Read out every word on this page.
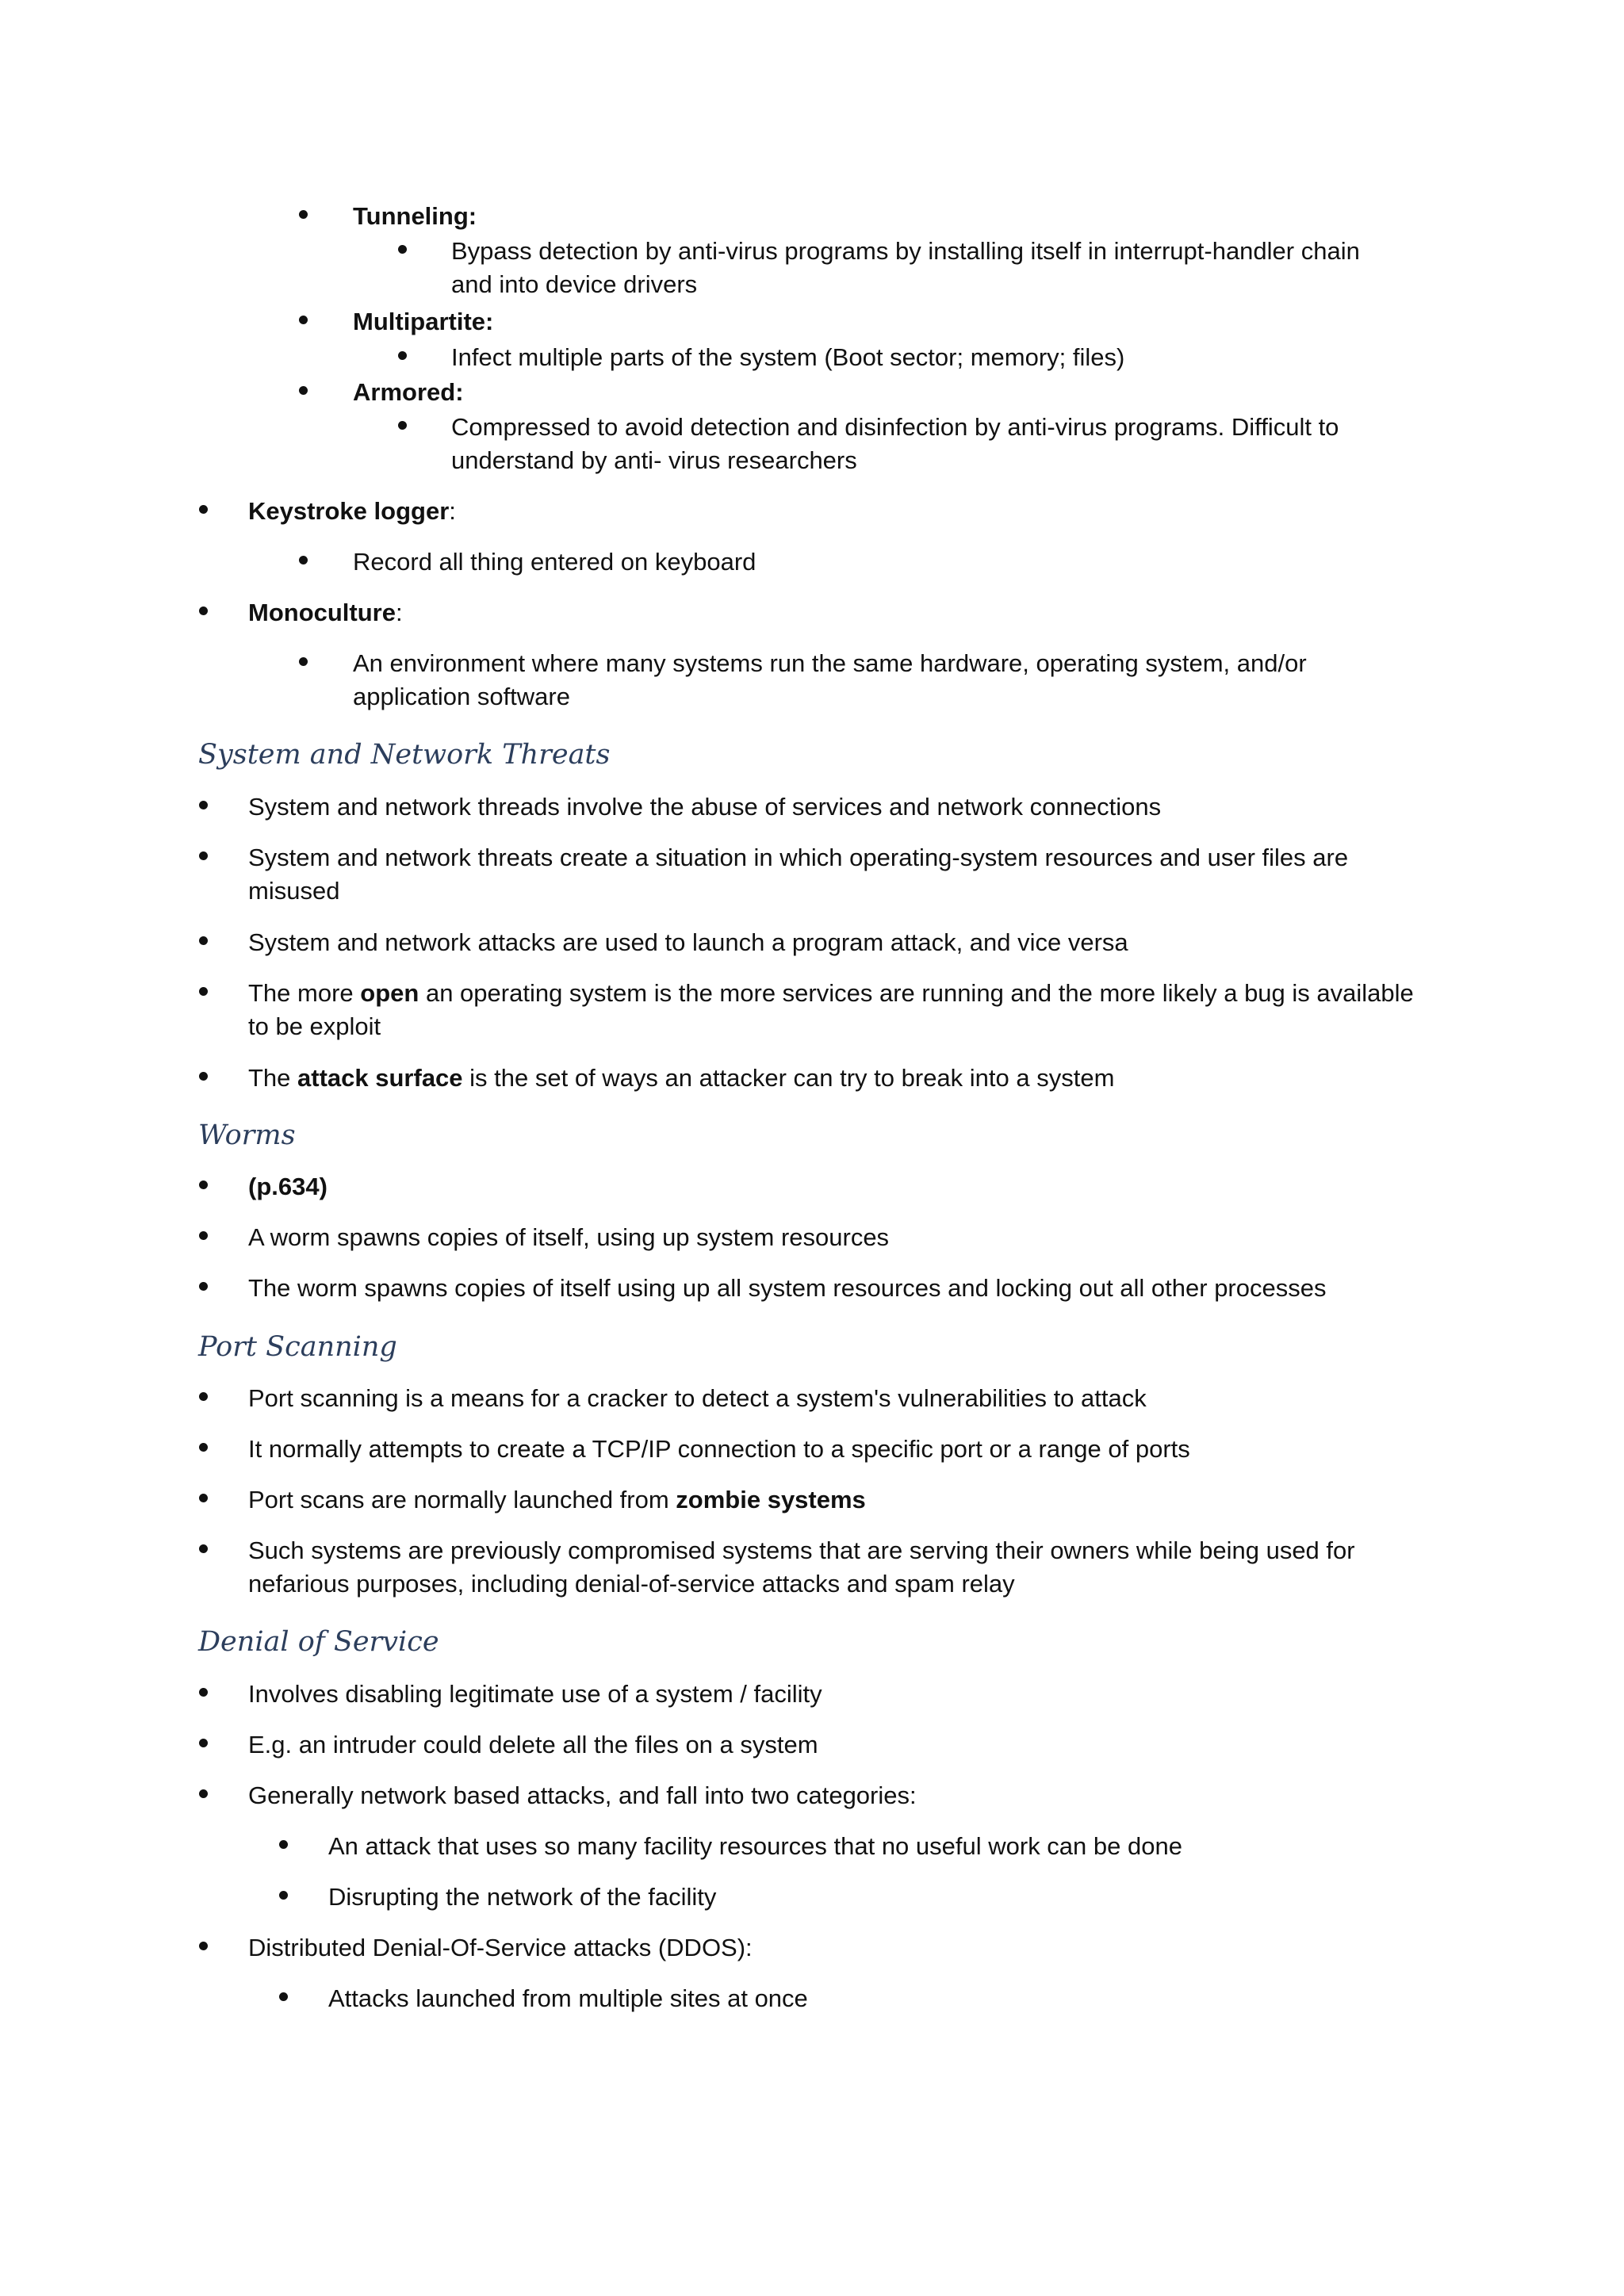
Tunneling:
Bypass detection by anti-virus programs by installing itself in interrupt-handler chain
and into device drivers
Multipartite:
Infect multiple parts of the system (Boot sector; memory; files)
Armored:
Compressed to avoid detection and disinfection by anti-virus programs. Difficult to
understand by anti- virus researchers
Keystroke logger:
Record all thing entered on keyboard
Monoculture:
An environment where many systems run the same hardware, operating system, and/or
application software
System and Network Threats
System and network threads involve the abuse of services and network connections
System and network threats create a situation in which operating-system resources and user files are
misused
System and network attacks are used to launch a program attack, and vice versa
The more open an operating system is the more services are running and the more likely a bug is available
to be exploit
The attack surface is the set of ways an attacker can try to break into a system
Worms
(p.634)
A worm spawns copies of itself, using up system resources
The worm spawns copies of itself using up all system resources and locking out all other processes
Port Scanning
Port scanning is a means for a cracker to detect a system's vulnerabilities to attack
It normally attempts to create a TCP/IP connection to a specific port or a range of ports
Port scans are normally launched from zombie systems
Such systems are previously compromised systems that are serving their owners while being used for
nefarious purposes, including denial-of-service attacks and spam relay
Denial of Service
Involves disabling legitimate use of a system / facility
E.g. an intruder could delete all the files on a system
Generally network based attacks, and fall into two categories:
An attack that uses so many facility resources that no useful work can be done
Disrupting the network of the facility
Distributed Denial-Of-Service attacks (DDOS):
Attacks launched from multiple sites at once
